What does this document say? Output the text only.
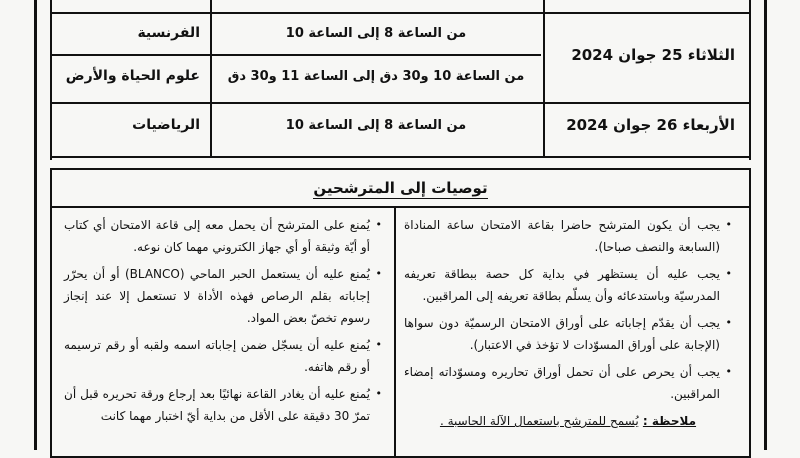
الثلاثاء 25 جوان 2024
من الساعة 8 إلى الساعة 10
الفرنسية
من الساعة 10 و30 دق إلى الساعة 11 و30 دق
علوم الحياة والأرض
الأربعاء 26 جوان 2024
من الساعة 8 إلى الساعة 10
الرياضيات
توصيات إلى المترشحين
•
يجب أن يكون المترشح حاضرا بقاعة الامتحان ساعة المناداة (السابعة والنصف صباحا).
•
يجب عليه أن يستظهر في بداية كل حصة ببطاقة تعريفه المدرسيّة وباستدعائه وأن يسلّم بطاقة تعريفه إلى المراقبين.
•
يجب أن يقدّم إجاباته على أوراق الامتحان الرسميّة دون سواها (الإجابة على أوراق المسوّدات لا تؤخذ في الاعتبار).
•
يجب أن يحرص على أن تحمل أوراق تحاريره ومسوّداته إمضاء المراقبين.
ملاحظة : يُسمح للمترشح باستعمال الآلة الحاسبة .
•
يُمنع على المترشح أن يحمل معه إلى قاعة الامتحان أي كتاب أو أيّة وثيقة أو أي جهاز الكتروني مهما كان نوعه.
•
يُمنع عليه أن يستعمل الحبر الماحي (BLANCO) أو أن يحرّر إجاباته بقلم الرصاص فهذه الأداة لا تستعمل إلا عند إنجاز رسوم تخصّ بعض المواد.
•
يُمنع عليه أن يسجّل ضمن إجاباته اسمه ولقبه أو رقم ترسيمه أو رقم هاتفه.
•
يُمنع عليه أن يغادر القاعة نهائيًا بعد إرجاع ورقة تحريره قبل أن تمرّ 30 دقيقة على الأقل من بداية أيّ اختبار مهما كانت
